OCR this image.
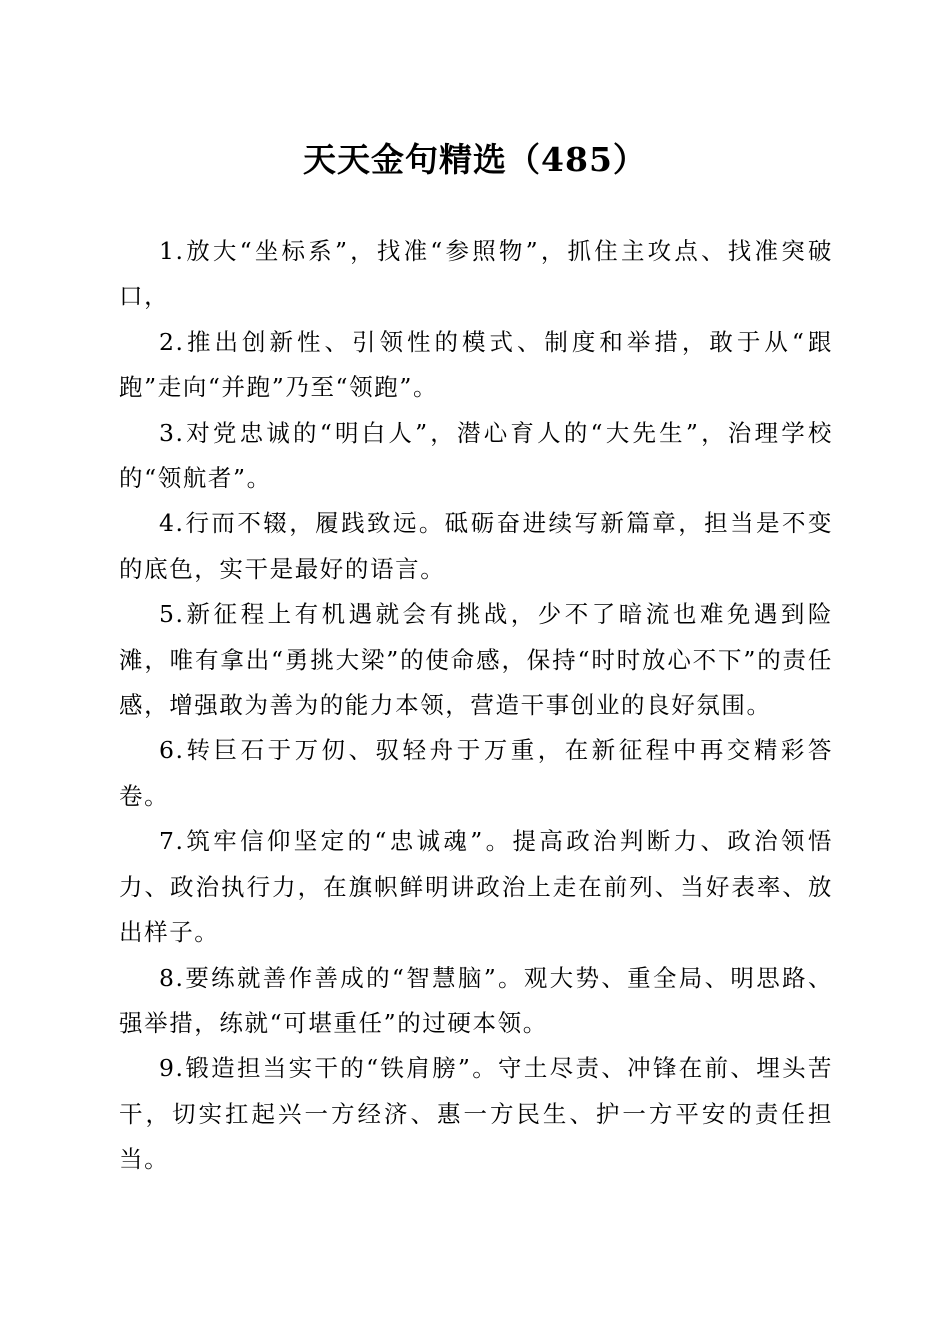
天天金句精选（485）

1.放大“坐标系”，找准“参照物”，抓住主攻点、找准突破口，

2.推出创新性、引领性的模式、制度和举措，敢于从“跟跑”走向“并跑”乃至“领跑”。

3.对党忠诚的“明白人”，潜心育人的“大先生”，治理学校的“领航者”。

4.行而不辍，履践致远。砥砺奋进续写新篇章，担当是不变的底色，实干是最好的语言。

5.新征程上有机遇就会有挑战，少不了暗流也难免遇到险滩，唯有拿出“勇挑大梁”的使命感，保持“时时放心不下”的责任感，增强敢为善为的能力本领，营造干事创业的良好氛围。

6.转巨石于万仞、驭轻舟于万重，在新征程中再交精彩答卷。

7.筑牢信仰坚定的“忠诚魂”。提高政治判断力、政治领悟力、政治执行力，在旗帜鲜明讲政治上走在前列、当好表率、放出样子。

8.要练就善作善成的“智慧脑”。观大势、重全局、明思路、强举措，练就“可堪重任”的过硬本领。

9.锻造担当实干的“铁肩膀”。守土尽责、冲锋在前、埋头苦干，切实扛起兴一方经济、惠一方民生、护一方平安的责任担当。
